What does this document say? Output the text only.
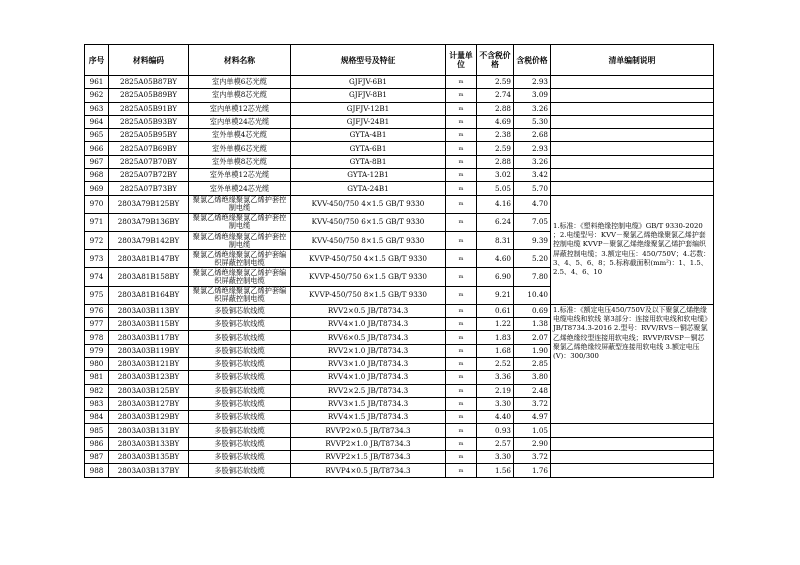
序号	材料编码	材料名称	规格型号及特征	计量单位	不含税价 格	含税价格	清单编制说明
961	2825A05B87BY	室内单模6芯光缆	GJFJV-6B1	m	2.59	2.93	
962	2825A05B89BY	室内单模8芯光缆	GJFJV-8B1	m	2.74	3.09	
963	2825A05B91BY	室内单模12芯光缆	GJFJV-12B1	m	2.88	3.26	
964	2825A05B93BY	室内单模24芯光缆	GJFJV-24B1	m	4.69	5.30	
965	2825A05B95BY	室外单模4芯光缆	GYTA-4B1	m	2.38	2.68	
966	2825A07B69BY	室外单模6芯光缆	GYTA-6B1	m	2.59	2.93	
967	2825A07B70BY	室外单模8芯光缆	GYTA-8B1	m	2.88	3.26	
968	2825A07B72BY	室外单模12芯光缆	GYTA-12B1	m	3.02	3.42	
969	2825A07B73BY	室外单模24芯光缆	GYTA-24B1	m	5.05	5.70	
970	2803A79B125BY	聚氯乙烯绝缘聚氯乙烯护套控制电缆	KVV-450/750 4×1.5 GB/T 9330	m	4.16	4.70	1.标准：《塑料绝缘控制电缆》GB/T 9330-2020 ；2.电缆型号：KVV－聚氯乙烯绝缘聚氯乙烯护套控制电缆 KVVP－聚氯乙烯绝缘聚氯乙烯护套编织屏蔽控制电缆；3.额定电压：450/750V；4.芯数：3、4、5、6、8；5.标称截面积(mm²)：1、1.5、2.5、4、6、10
971	2803A79B136BY	聚氯乙烯绝缘聚氯乙烯护套控制电缆	KVV-450/750 6×1.5 GB/T 9330	m	6.24	7.05	
972	2803A79B142BY	聚氯乙烯绝缘聚氯乙烯护套控制电缆	KVV-450/750 8×1.5 GB/T 9330	m	8.31	9.39	
973	2803A81B147BY	聚氯乙烯绝缘聚氯乙烯护套编织屏蔽控制电缆	KVVP-450/750 4×1.5 GB/T 9330	m	4.60	5.20	
974	2803A81B158BY	聚氯乙烯绝缘聚氯乙烯护套编织屏蔽控制电缆	KVVP-450/750 6×1.5 GB/T 9330	m	6.90	7.80	
975	2803A81B164BY	聚氯乙烯绝缘聚氯乙烯护套编织屏蔽控制电缆	KVVP-450/750 8×1.5 GB/T 9330	m	9.21	10.40	
976	2803A03B113BY	多股铜芯软线缆	RVV2×0.5 JB/T8734.3	m	0.61	0.69	1.标准：《额定电压450/750V及以下聚氯乙烯绝缘电缆电线和软线 第3部分：连接用软电线和软电缆》JB/T8734.3-2016 2.型号：RVV/RVS－铜芯聚氯乙烯绝缘绞型连接用软电线；RVVP/RVSP－铜芯聚氯乙烯绝缘绞屏蔽型连接用软电线 3.额定电压(V)：300/300
977	2803A03B115BY	多股铜芯软线缆	RVV4×1.0 JB/T8734.3	m	1.22	1.38	
978	2803A03B117BY	多股铜芯软线缆	RVV6×0.5 JB/T8734.3	m	1.83	2.07	
979	2803A03B119BY	多股铜芯软线缆	RVV2×1.0 JB/T8734.3	m	1.68	1.90	
980	2803A03B121BY	多股铜芯软线缆	RVV3×1.0 JB/T8734.3	m	2.52	2.85	
981	2803A03B123BY	多股铜芯软线缆	RVV4×1.0 JB/T8734.3	m	3.36	3.80	
982	2803A03B125BY	多股铜芯软线缆	RVV2×2.5 JB/T8734.3	m	2.19	2.48	
983	2803A03B127BY	多股铜芯软线缆	RVV3×1.5 JB/T8734.3	m	3.30	3.72	
984	2803A03B129BY	多股铜芯软线缆	RVV4×1.5 JB/T8734.3	m	4.40	4.97	
985	2803A03B131BY	多股铜芯软线缆	RVVP2×0.5 JB/T8734.3	m	0.93	1.05	
986	2803A03B133BY	多股铜芯软线缆	RVVP2×1.0 JB/T8734.3	m	2.57	2.90	
987	2803A03B135BY	多股铜芯软线缆	RVVP2×1.5 JB/T8734.3	m	3.30	3.72	
988	2803A03B137BY	多股铜芯软线缆	RVVP4×0.5 JB/T8734.3	m	1.56	1.76	
